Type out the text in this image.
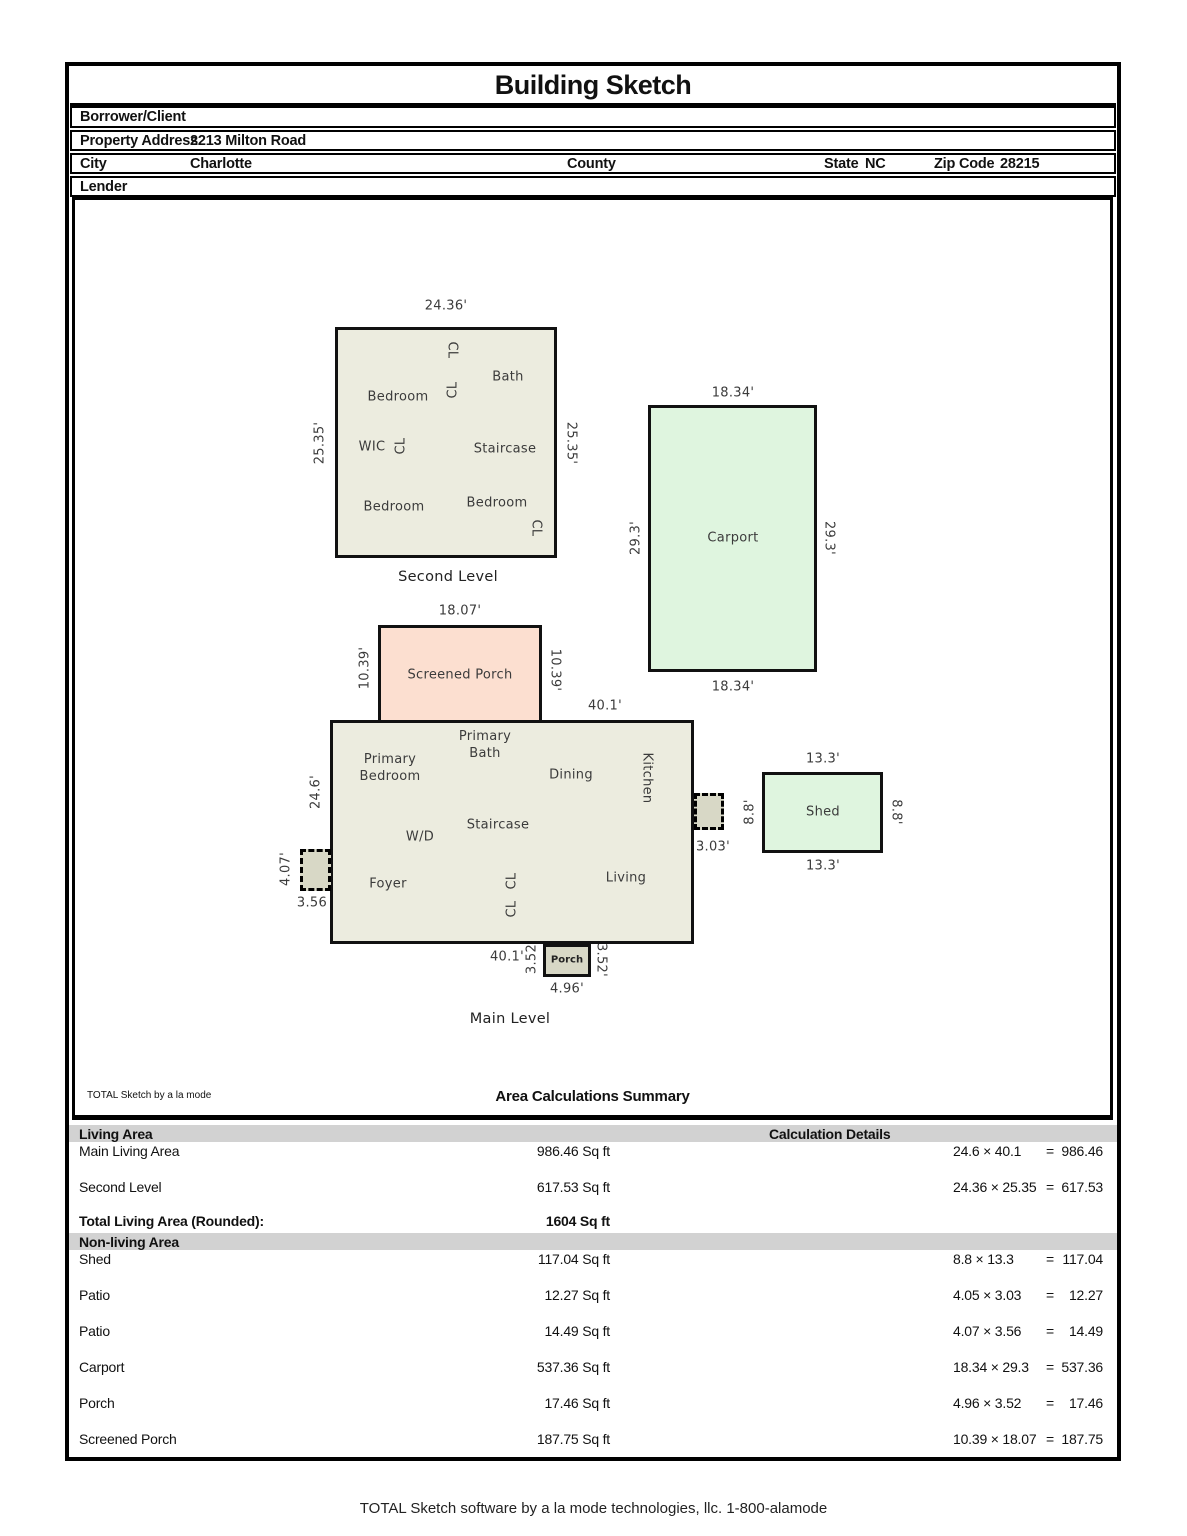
Building Sketch
Borrower/Client
Property Address
2213 Milton Road
City	Charlotte	County	State NC	Zip Code 28215
Lender
24.36'
25.35'	25.35'
CL
Bath
Bedroom CL
WIC CL	Staircase
Bedroom	Bedroom
CL
Second Level
18.34'
18.34'
29.3'	29.3'
Carport
18.07'
10.39'	10.39'
Screened Porch
40.1'
24.6'
Primary
Bath
Primary
Bedroom	Dining	Kitchen
Staircase
W/D
Foyer	CL
CL
Living
Main Level
4.07'
3.56
3.03'
Porch
40.1' 3.52	3.52'
4.96'
13.3'
13.3'
8.8'	8.8'
Shed
TOTAL Sketch by a la mode	Area Calculations Summary
Living Area	Calculation Details
Main Living Area	986.46 Sq ft	24.6 × 40.1	= 986.46
Second Level	617.53 Sq ft	24.36 × 25.35 = 617.53
Total Living Area (Rounded):	1604 Sq ft
Non-living Area
Shed	117.04 Sq ft	8.8 × 13.3	= 117.04
Patio	12.27 Sq ft	4.05 × 3.03	=	12.27
Patio	14.49 Sq ft	4.07 × 3.56	=	14.49
Carport	537.36 Sq ft	18.34 × 29.3	= 537.36
Porch	17.46 Sq ft	4.96 × 3.52	=	17.46
Screened Porch	187.75 Sq ft	10.39 × 18.07 = 187.75
TOTAL Sketch software by a la mode technologies, llc. 1-800-alamode
